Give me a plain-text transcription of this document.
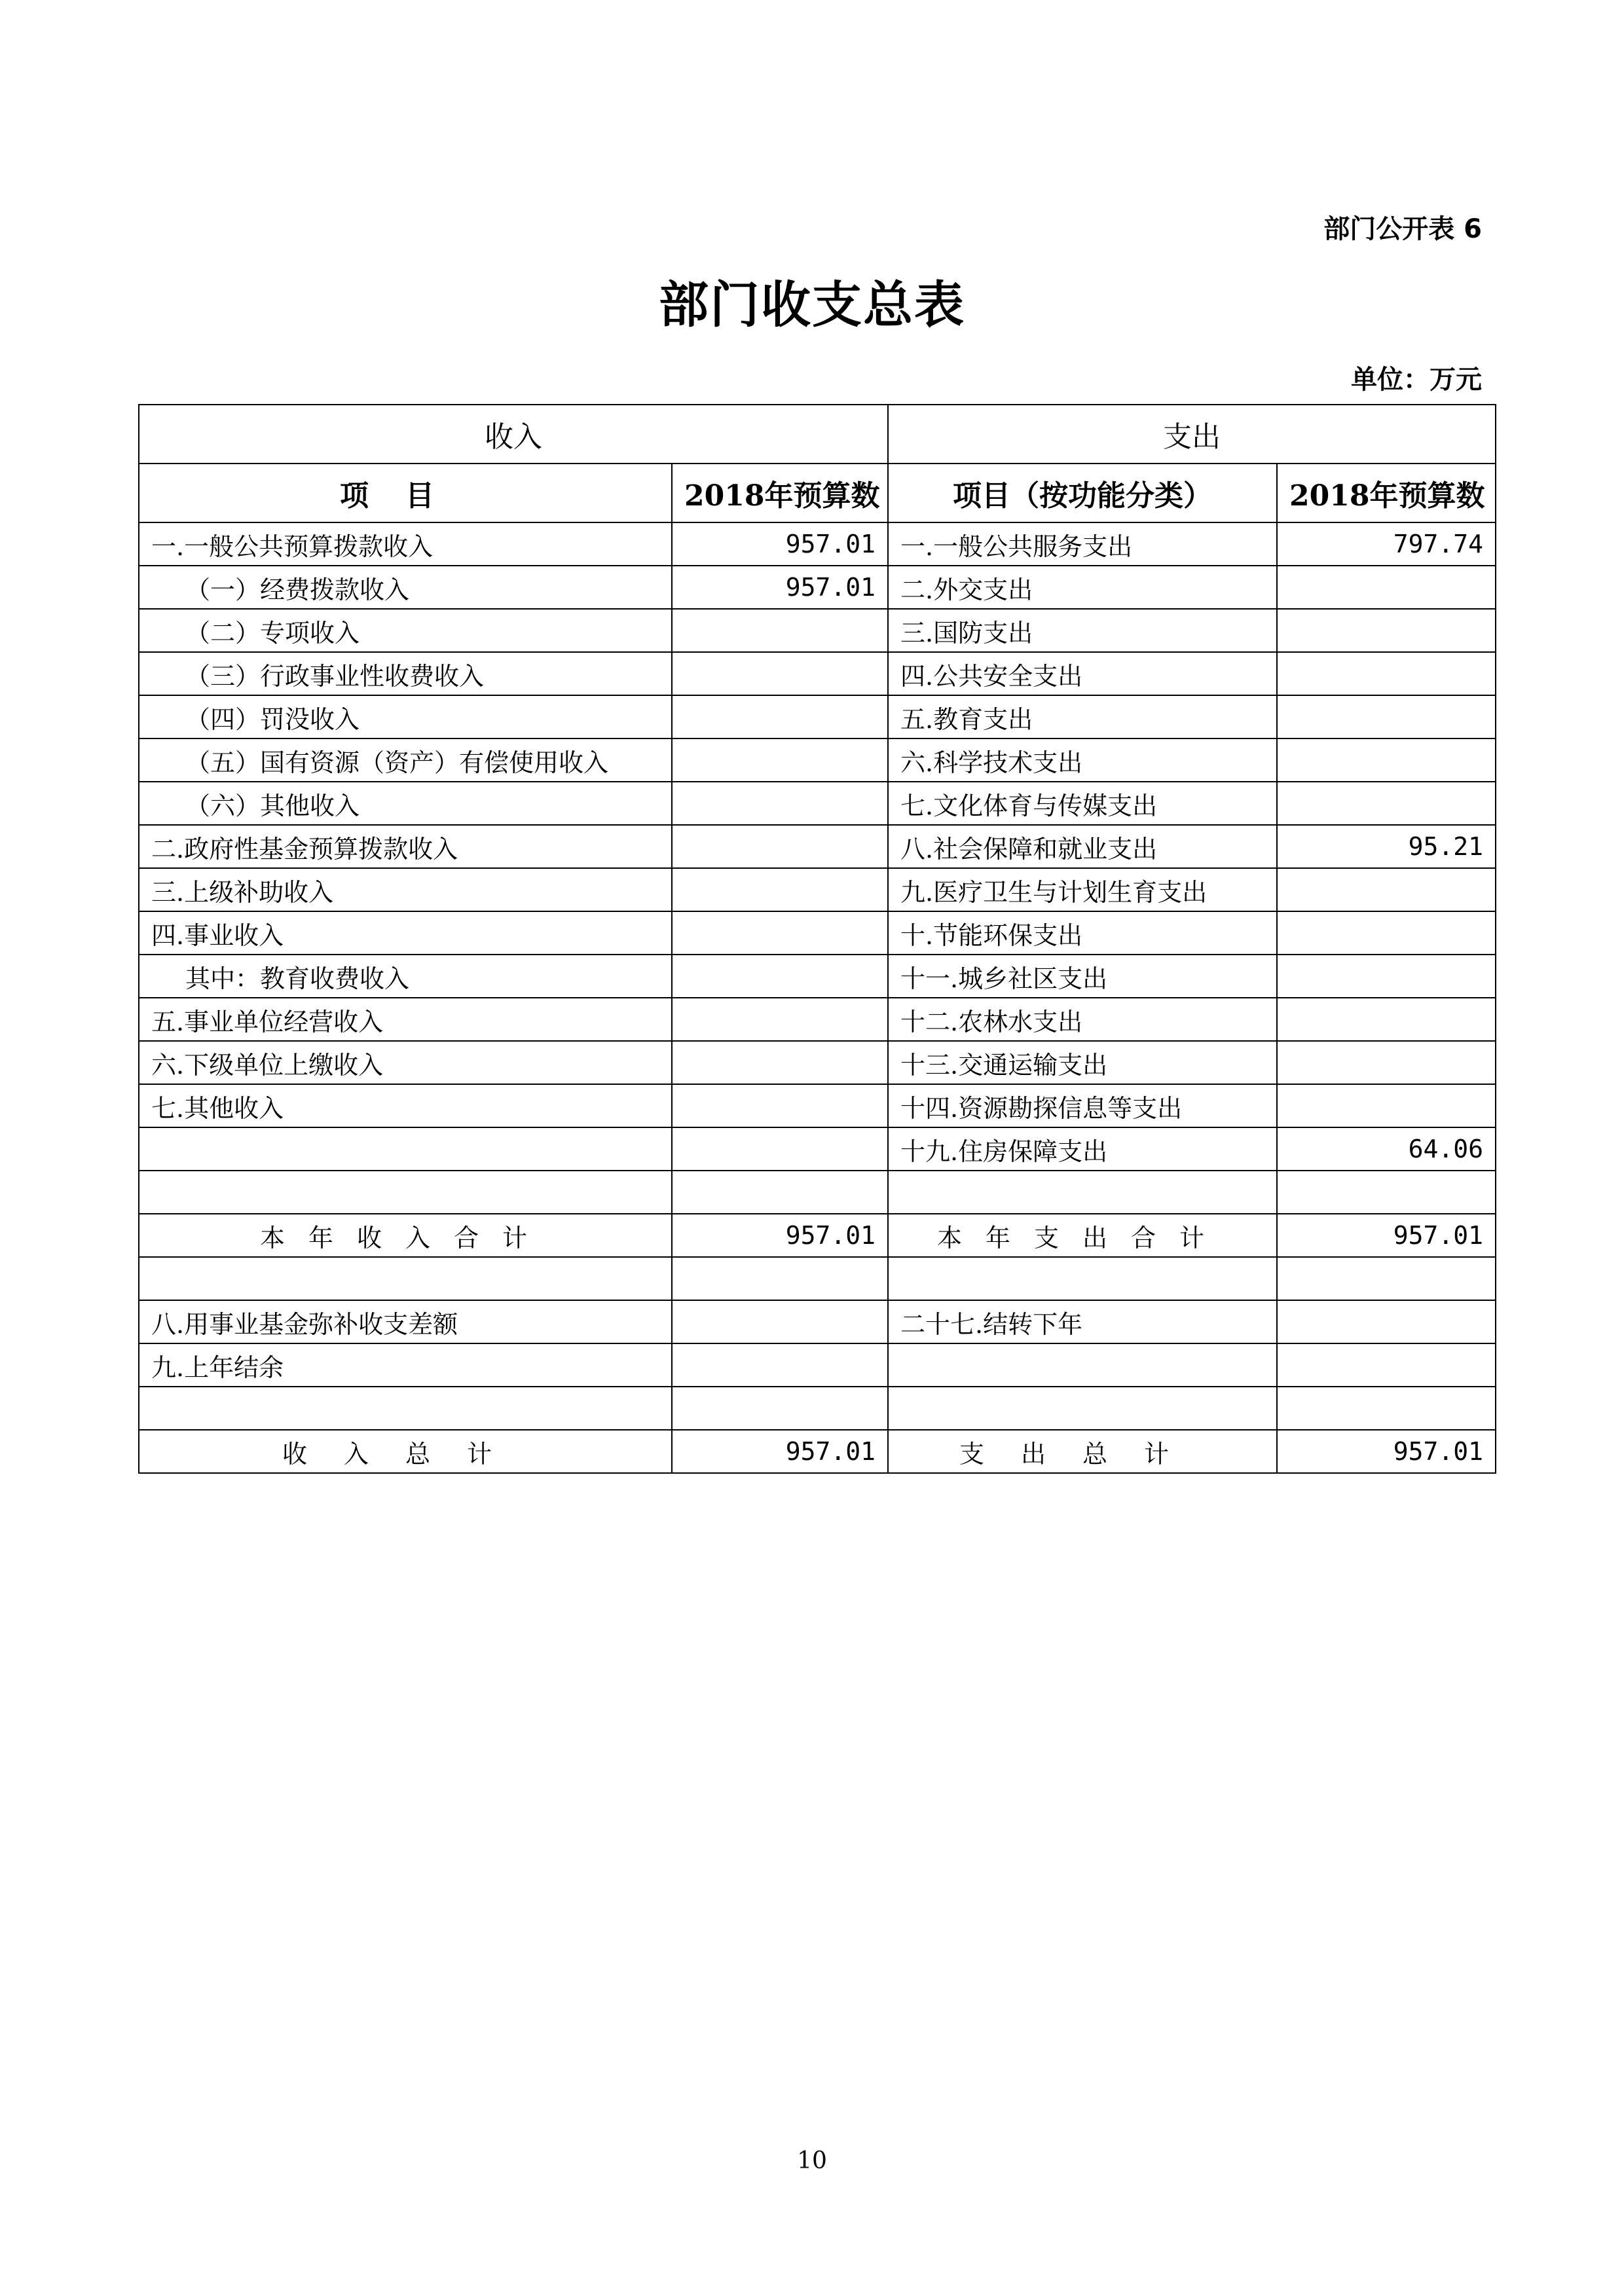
部门公开表 6
部门收支总表
单位：万元
收入		支出	
项目	2018年预算数	项目（按功能分类）	2018年预算数
一.一般公共预算拨款收入	957.01	一.一般公共服务支出	797.74
（一）经费拨款收入	957.01	二.外交支出	
（二）专项收入		三.国防支出	
（三）行政事业性收费收入		四.公共安全支出	
（四）罚没收入		五.教育支出	
（五）国有资源（资产）有偿使用收入		六.科学技术支出	
（六）其他收入		七.文化体育与传媒支出	
二.政府性基金预算拨款收入		八.社会保障和就业支出	95.21
三.上级补助收入		九.医疗卫生与计划生育支出	
四.事业收入		十.节能环保支出	
其中：教育收费收入		十一.城乡社区支出	
五.事业单位经营收入		十二.农林水支出	
六.下级单位上缴收入		十三.交通运输支出	
七.其他收入		十四.资源勘探信息等支出	
		十九.住房保障支出	64.06

本年收入合计	957.01	本年支出合计	957.01

八.用事业基金弥补收支差额		二十七.结转下年	
九.上年结余			

收入总计	957.01	支出总计	957.01
10
